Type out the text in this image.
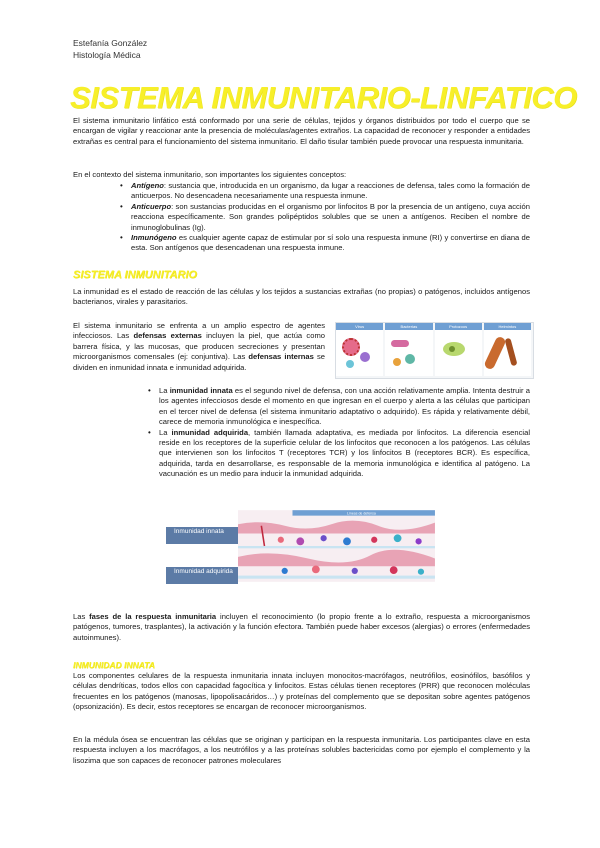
Estefanía González
Histología Médica
SISTEMA INMUNITARIO-LINFATICO

El sistema inmunitario linfático está conformado por una serie de células, tejidos y órganos distribuidos por todo el cuerpo que se encargan de vigilar y reaccionar ante la presencia de moléculas/agentes extraños. La capacidad de reconocer y responder a entidades extrañas es central para el funcionamiento del sistema inmunitario. El daño tisular también puede provocar una respuesta inmunitaria.

En el contexto del sistema inmunitario, son importantes los siguientes conceptos:
• Antígeno: sustancia que, introducida en un organismo, da lugar a reacciones de defensa, tales como la formación de anticuerpos. No desencadena necesariamente una respuesta inmune.
• Anticuerpo: son sustancias producidas en el organismo por linfocitos B por la presencia de un antígeno, cuya acción reacciona específicamente. Son grandes polipéptidos solubles que se unen a antígenos. Reciben el nombre de inmunoglobulinas (Ig).
• Inmunógeno es cualquier agente capaz de estimular por sí solo una respuesta inmune (RI) y convertirse en diana de esta. Son antígenos que desencadenan una respuesta inmune.
SISTEMA INMUNITARIO
La inmunidad es el estado de reacción de las células y los tejidos a sustancias extrañas (no propias) o patógenos, incluidos antígenos bacterianos, virales y parasitarios.
El sistema inmunitario se enfrenta a un amplio espectro de agentes infecciosos. Las defensas externas incluyen la piel, que actúa como barrera física, y las mucosas, que producen secreciones y presentan microorganismos comensales (ej: conjuntiva). Las defensas internas se dividen en inmunidad innata e inmunidad adquirida.
Virus	Bacterias	Protozoos	Helmintos
• La inmunidad innata es el segundo nivel de defensa, con una acción relativamente amplia. Intenta destruir a los agentes infecciosos desde el momento en que ingresan en el cuerpo y alerta a las células que participan en el tercer nivel de defensa (el sistema inmunitario adaptativo o adquirido). Es rápida y relativamente débil, carece de memoria inmunológica e inespecífica.
• La inmunidad adquirida, también llamada adaptativa, es mediada por linfocitos. La diferencia esencial reside en los receptores de la superficie celular de los linfocitos que reconocen a los patógenos. Las células que intervienen son los linfocitos T (receptores TCR) y los linfocitos B (receptores BCR). Es específica, adquirida, tarda en desarrollarse, es responsable de la memoria inmunológica e identifica al patógeno. La vacunación es un medio para inducir la inmunidad adquirida.
Inmunidad innata
Inmunidad adquirida
Líneas de defensa
Las fases de la respuesta inmunitaria incluyen el reconocimiento (lo propio frente a lo extraño, respuesta a microorganismos patógenos, tumores, trasplantes), la activación y la función efectora. También puede haber excesos (alergias) o errores (enfermedades autoinmunes).
INMUNIDAD INNATA
Los componentes celulares de la respuesta inmunitaria innata incluyen monocitos-macrófagos, neutrófilos, eosinófilos, basófilos y células dendríticas, todos ellos con capacidad fagocítica y linfocitos. Estas células tienen receptores (PRR) que reconocen moléculas frecuentes en los patógenos (manosas, lipopolisacáridos…) y proteínas del complemento que se depositan sobre agentes patógenos (opsonización). Es decir, estos receptores se encargan de reconocer microorganismos.
En la médula ósea se encuentran las células que se originan y participan en la respuesta inmunitaria. Los participantes clave en esta respuesta incluyen a los macrófagos, a los neutrófilos y a las proteínas solubles bactericidas como por ejemplo el complemento y la lisozima que son capaces de reconocer patrones moleculares
